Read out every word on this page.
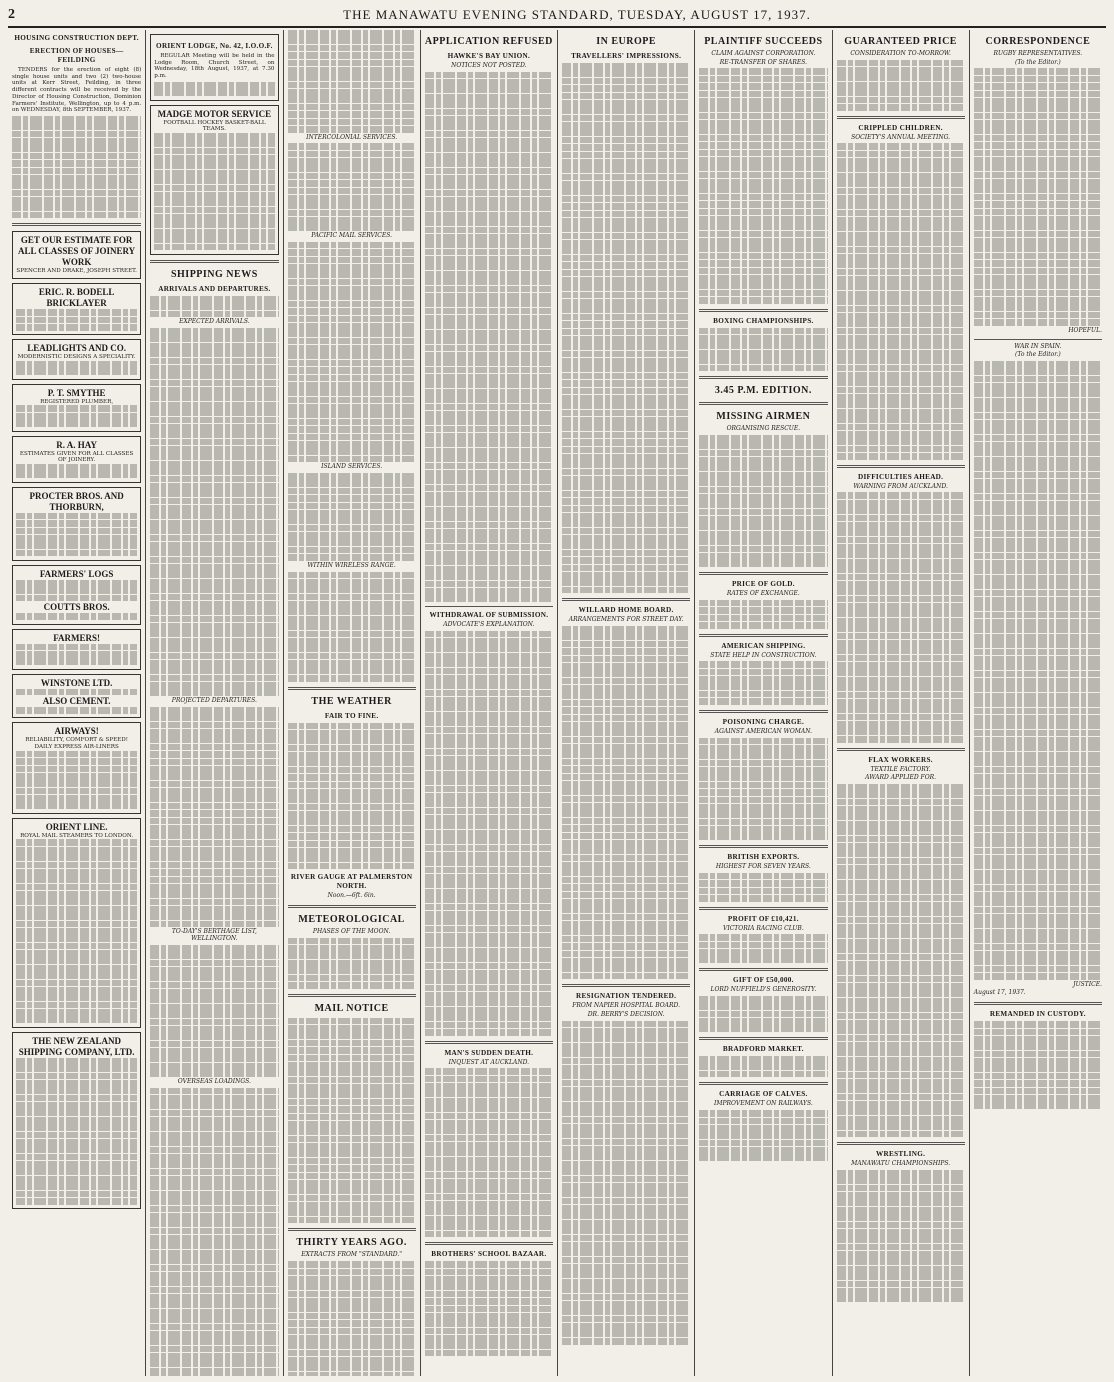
2	THE MANAWATU EVENING STANDARD, TUESDAY, AUGUST 17, 1937.
HOUSING CONSTRUCTION DEPT.
ERECTION OF HOUSES—FEILDING

TENDERS for the erection of eight (8) single house units and two (2) two-house units at Kerr Street, Feilding, in three different contracts will be received by the Director of Housing Construction, Dominion Farmers' Institute, Wellington, up to 4 p.m. on WEDNESDAY, 8th SEPTEMBER, 1937.

GET OUR ESTIMATE FOR ALL CLASSES OF JOINERY WORK
SPENCER AND DRAKE, JOSEPH STREET.
ERIC. R. BODELL
BRICKLAYER
LEADLIGHTS AND CO.
MODERNISTIC DESIGNS A SPECIALITY.
P. T. SMYTHE
REGISTERED PLUMBER,
R. A. HAY
ESTIMATES GIVEN FOR ALL CLASSES OF JOINERY.
PROCTER BROS. AND THORBURN,
FARMERS' LOGS
COUTTS BROS.
FARMERS!
WINSTONE LTD.
ALSO CEMENT.
AIRWAYS!
RELIABILITY, COMFORT & SPEED! DAILY EXPRESS AIR-LINERS
ORIENT LINE.
ROYAL MAIL STEAMERS TO LONDON.
THE NEW ZEALAND SHIPPING COMPANY, LTD.
ORIENT LODGE, No. 42, I.O.O.F.

REGULAR Meeting will be held in the Lodge Room, Church Street, on Wednesday, 18th August, 1937, at 7.30 p.m.

MADGE MOTOR SERVICE
FOOTBALL HOCKEY BASKET-BALL TEAMS.
SHIPPING NEWS
ARRIVALS AND DEPARTURES.
EXPECTED ARRIVALS.
PROJECTED DEPARTURES.
TO-DAY'S BERTHAGE LIST, WELLINGTON.
OVERSEAS LOADINGS.
INTERCOLONIAL SERVICES.
PACIFIC MAIL SERVICES.
ISLAND SERVICES.
WITHIN WIRELESS RANGE.
THE WEATHER
FAIR TO FINE.
RIVER GAUGE AT PALMERSTON NORTH.
Noon.—6ft. 6in.
METEOROLOGICAL
PHASES OF THE MOON.
MAIL NOTICE
THIRTY YEARS AGO.
EXTRACTS FROM "STANDARD."
APPLICATION REFUSED
HAWKE'S BAY UNION.
NOTICES NOT POSTED.
WITHDRAWAL OF SUBMISSION.
ADVOCATE'S EXPLANATION.
MAN'S SUDDEN DEATH.
INQUEST AT AUCKLAND.
BROTHERS' SCHOOL BAZAAR.
IN EUROPE
TRAVELLERS' IMPRESSIONS.
WILLARD HOME BOARD.
ARRANGEMENTS FOR STREET DAY.
RESIGNATION TENDERED.
FROM NAPIER HOSPITAL BOARD.
DR. BERRY'S DECISION.
PLAINTIFF SUCCEEDS
CLAIM AGAINST CORPORATION.
RE-TRANSFER OF SHARES.
BOXING CHAMPIONSHIPS.
3.45 P.M. EDITION.
MISSING AIRMEN
ORGANISING RESCUE.
PRICE OF GOLD.
RATES OF EXCHANGE.
AMERICAN SHIPPING.
STATE HELP IN CONSTRUCTION.
POISONING CHARGE.
AGAINST AMERICAN WOMAN.
BRITISH EXPORTS.
HIGHEST FOR SEVEN YEARS.
PROFIT OF £10,421.
VICTORIA RACING CLUB.
GIFT OF £50,000.
LORD NUFFIELD'S GENEROSITY.
BRADFORD MARKET.
CARRIAGE OF CALVES.
IMPROVEMENT ON RAILWAYS.
GUARANTEED PRICE
CONSIDERATION TO-MORROW.
CRIPPLED CHILDREN.
SOCIETY'S ANNUAL MEETING.
DIFFICULTIES AHEAD.
WARNING FROM AUCKLAND.
FLAX WORKERS.
TEXTILE FACTORY.
AWARD APPLIED FOR.
WRESTLING.
MANAWATU CHAMPIONSHIPS.
CORRESPONDENCE
RUGBY REPRESENTATIVES.
(To the Editor.)
HOPEFUL.
WAR IN SPAIN.
(To the Editor.)
JUSTICE.
August 17, 1937.
REMANDED IN CUSTODY.
